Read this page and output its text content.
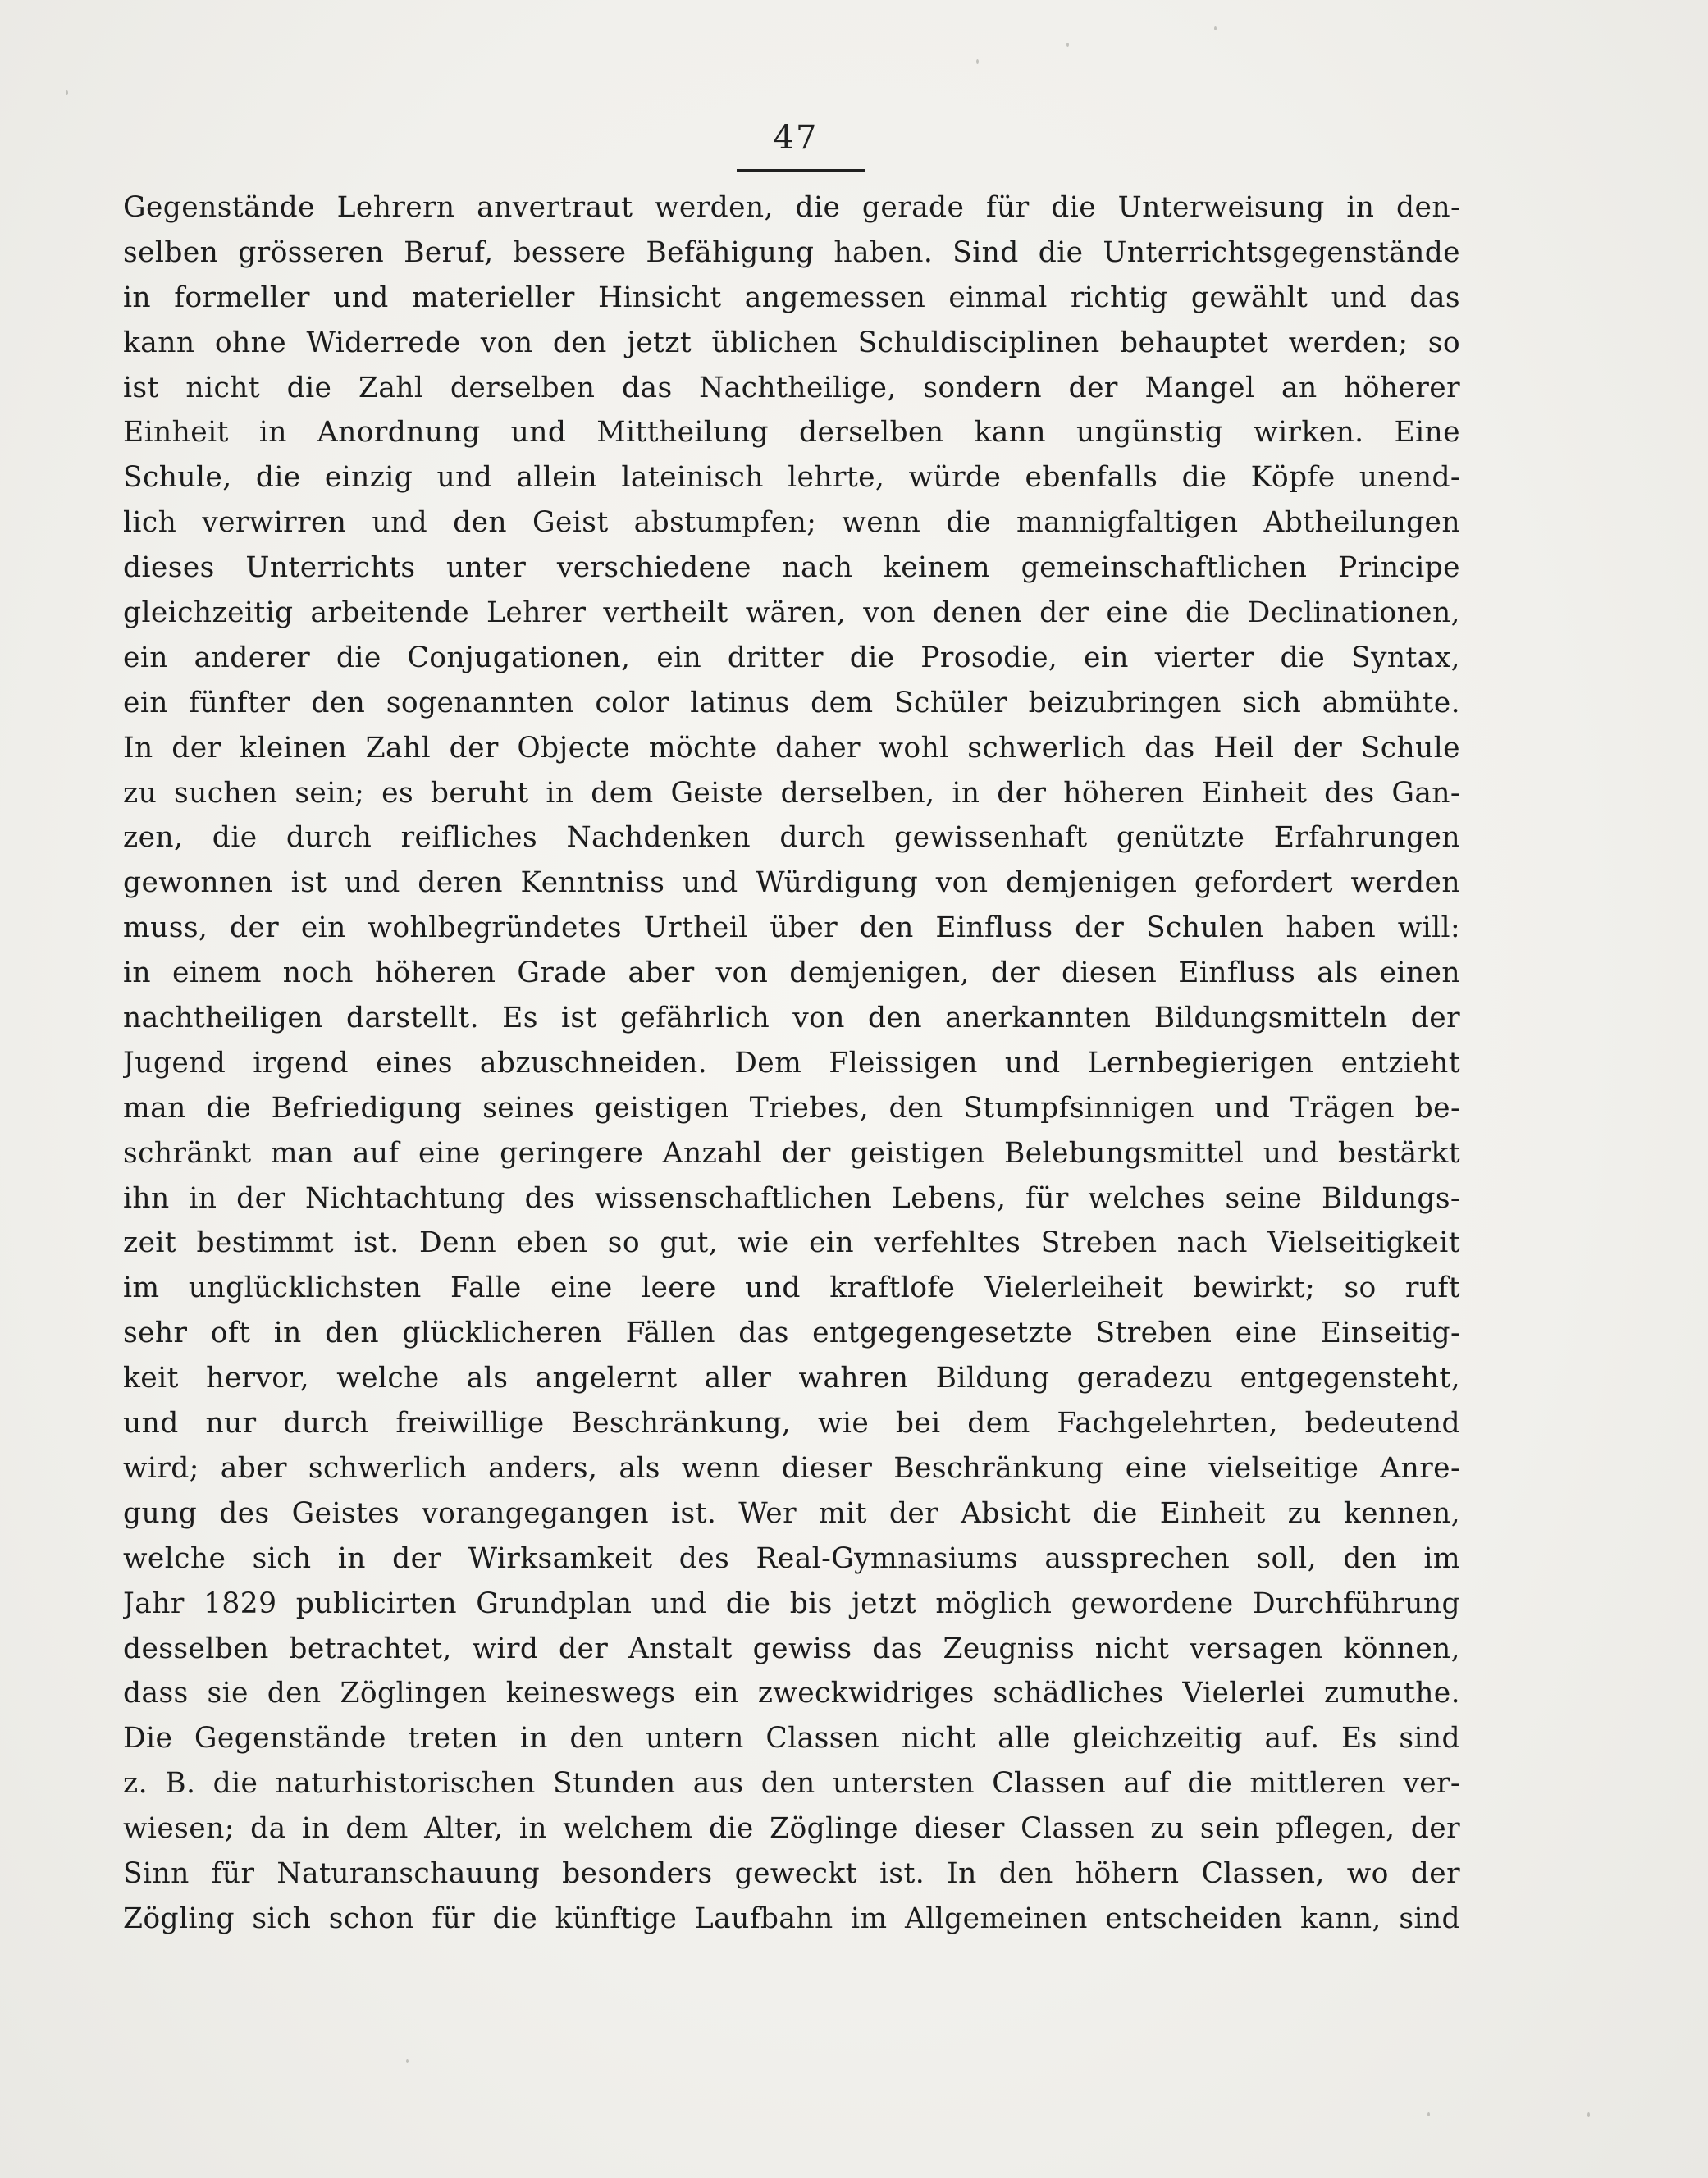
47
Gegenstände Lehrern anvertraut werden, die gerade für die Unterweisung in den-
selben grösseren Beruf, bessere Befähigung haben. Sind die Unterrichtsgegenstände
in formeller und materieller Hinsicht angemessen einmal richtig gewählt und das
kann ohne Widerrede von den jetzt üblichen Schuldisciplinen behauptet werden; so
ist nicht die Zahl derselben das Nachtheilige, sondern der Mangel an höherer
Einheit in Anordnung und Mittheilung derselben kann ungünstig wirken. Eine
Schule, die einzig und allein lateinisch lehrte, würde ebenfalls die Köpfe unend-
lich verwirren und den Geist abstumpfen; wenn die mannigfaltigen Abtheilungen
dieses Unterrichts unter verschiedene nach keinem gemeinschaftlichen Principe
gleichzeitig arbeitende Lehrer vertheilt wären, von denen der eine die Declinationen,
ein anderer die Conjugationen, ein dritter die Prosodie, ein vierter die Syntax,
ein fünfter den sogenannten color latinus dem Schüler beizubringen sich abmühte.
In der kleinen Zahl der Objecte möchte daher wohl schwerlich das Heil der Schule
zu suchen sein; es beruht in dem Geiste derselben, in der höheren Einheit des Gan-
zen, die durch reifliches Nachdenken durch gewissenhaft genützte Erfahrungen
gewonnen ist und deren Kenntniss und Würdigung von demjenigen gefordert werden
muss, der ein wohlbegründetes Urtheil über den Einfluss der Schulen haben will:
in einem noch höheren Grade aber von demjenigen, der diesen Einfluss als einen
nachtheiligen darstellt. Es ist gefährlich von den anerkannten Bildungsmitteln der
Jugend irgend eines abzuschneiden. Dem Fleissigen und Lernbegierigen entzieht
man die Befriedigung seines geistigen Triebes, den Stumpfsinnigen und Trägen be-
schränkt man auf eine geringere Anzahl der geistigen Belebungsmittel und bestärkt
ihn in der Nichtachtung des wissenschaftlichen Lebens, für welches seine Bildungs-
zeit bestimmt ist. Denn eben so gut, wie ein verfehltes Streben nach Vielseitigkeit
im unglücklichsten Falle eine leere und kraftlofe Vielerleiheit bewirkt; so ruft
sehr oft in den glücklicheren Fällen das entgegengesetzte Streben eine Einseitig-
keit hervor, welche als angelernt aller wahren Bildung geradezu entgegensteht,
und nur durch freiwillige Beschränkung, wie bei dem Fachgelehrten, bedeutend
wird; aber schwerlich anders, als wenn dieser Beschränkung eine vielseitige Anre-
gung des Geistes vorangegangen ist. Wer mit der Absicht die Einheit zu kennen,
welche sich in der Wirksamkeit des Real-Gymnasiums aussprechen soll, den im
Jahr 1829 publicirten Grundplan und die bis jetzt möglich gewordene Durchführung
desselben betrachtet, wird der Anstalt gewiss das Zeugniss nicht versagen können,
dass sie den Zöglingen keineswegs ein zweckwidriges schädliches Vielerlei zumuthe.
Die Gegenstände treten in den untern Classen nicht alle gleichzeitig auf. Es sind
z. B. die naturhistorischen Stunden aus den untersten Classen auf die mittleren ver-
wiesen; da in dem Alter, in welchem die Zöglinge dieser Classen zu sein pflegen, der
Sinn für Naturanschauung besonders geweckt ist. In den höhern Classen, wo der
Zögling sich schon für die künftige Laufbahn im Allgemeinen entscheiden kann, sind
